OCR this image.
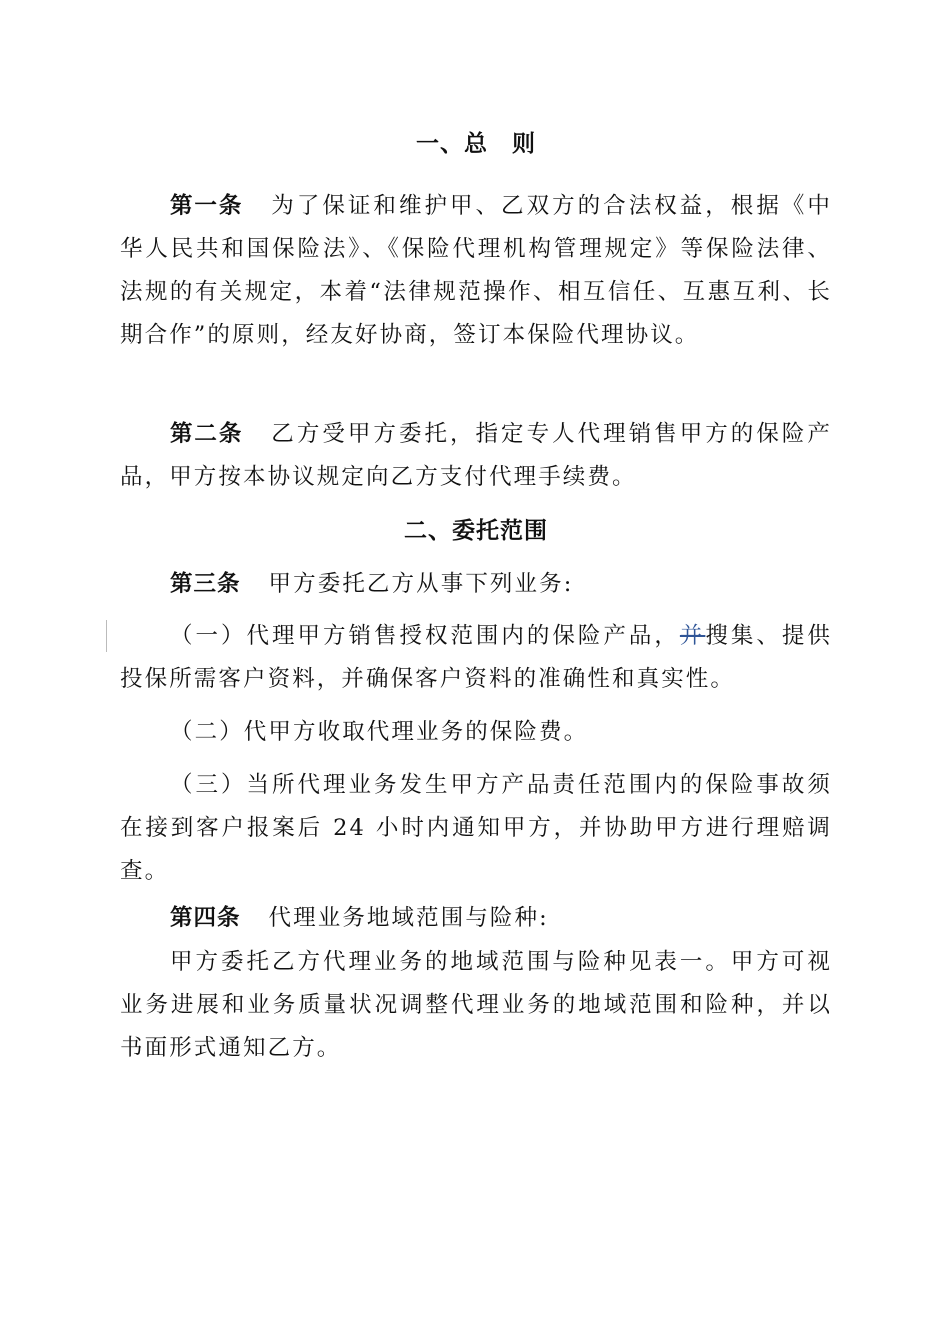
一、总　则

第一条 为了保证和维护甲、乙双方的合法权益，根据《中华人民共和国保险法》、《保险代理机构管理规定》等保险法律、法规的有关规定，本着“法律规范操作、相互信任、互惠互利、长期合作”的原则，经友好协商，签订本保险代理协议。

第二条 乙方受甲方委托，指定专人代理销售甲方的保险产品，甲方按本协议规定向乙方支付代理手续费。

二、委托范围

第三条 甲方委托乙方从事下列业务:

（一）代理甲方销售授权范围内的保险产品，并搜集、提供投保所需客户资料，并确保客户资料的准确性和真实性。

（二）代甲方收取代理业务的保险费。

（三）当所代理业务发生甲方产品责任范围内的保险事故须在接到客户报案后 24 小时内通知甲方，并协助甲方进行理赔调查。

第四条 代理业务地域范围与险种:

甲方委托乙方代理业务的地域范围与险种见表一。甲方可视业务进展和业务质量状况调整代理业务的地域范围和险种，并以书面形式通知乙方。
